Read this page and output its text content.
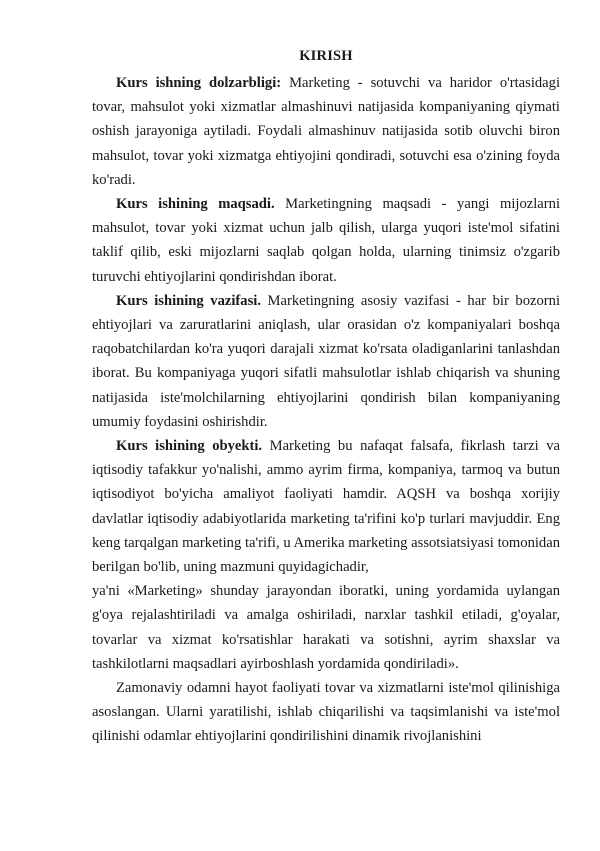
KIRISH

Kurs ishning dolzarbligi: Marketing - sotuvchi va haridor o'rtasidagi tovar, mahsulot yoki xizmatlar almashinuvi natijasida kompaniyaning qiymati oshish jarayoniga aytiladi. Foydali almashinuv natijasida sotib oluvchi biron mahsulot, tovar yoki xizmatga ehtiyojini qondiradi, sotuvchi esa o'zining foyda ko'radi.

Kurs ishining maqsadi. Marketingning maqsadi - yangi mijozlarni mahsulot, tovar yoki xizmat uchun jalb qilish, ularga yuqori iste'mol sifatini taklif qilib, eski mijozlarni saqlab qolgan holda, ularning tinimsiz o'zgarib turuvchi ehtiyojlarini qondirishdan iborat.

Kurs ishining vazifasi. Marketingning asosiy vazifasi - har bir bozorni ehtiyojlari va zaruratlarini aniqlash, ular orasidan o'z kompaniyalari boshqa raqobatchilardan ko'ra yuqori darajali xizmat ko'rsata oladiganlarini tanlashdan iborat. Bu kompaniyaga yuqori sifatli mahsulotlar ishlab chiqarish va shuning natijasida iste'molchilarning ehtiyojlarini qondirish bilan kompaniyaning umumiy foydasini oshirishdir.

Kurs ishining obyekti. Marketing bu nafaqat falsafa, fikrlash tarzi va iqtisodiy tafakkur yo'nalishi, ammo ayrim firma, kompaniya, tarmoq va butun iqtisodiyot bo'yicha amaliyot faoliyati hamdir. AQSH va boshqa xorijiy davlatlar iqtisodiy adabiyotlarida marketing ta'rifini ko'p turlari mavjuddir. Eng keng tarqalgan marketing ta'rifi, u Amerika marketing assotsiatsiyasi tomonidan berilgan bo'lib, uning mazmuni quyidagichadir,

ya'ni «Marketing» shunday jarayondan iboratki, uning yordamida uylangan g'oya rejalashtiriladi va amalga oshiriladi, narxlar tashkil etiladi, g'oyalar, tovarlar va xizmat ko'rsatishlar harakati va sotishni, ayrim shaxslar va tashkilotlarni maqsadlari ayirboshlash yordamida qondiriladi».

Zamonaviy odamni hayot faoliyati tovar va xizmatlarni iste'mol qilinishiga asoslangan. Ularni yaratilishi, ishlab chiqarilishi va taqsimlanishi va iste'mol qilinishi odamlar ehtiyojlarini qondirilishini dinamik rivojlanishini
